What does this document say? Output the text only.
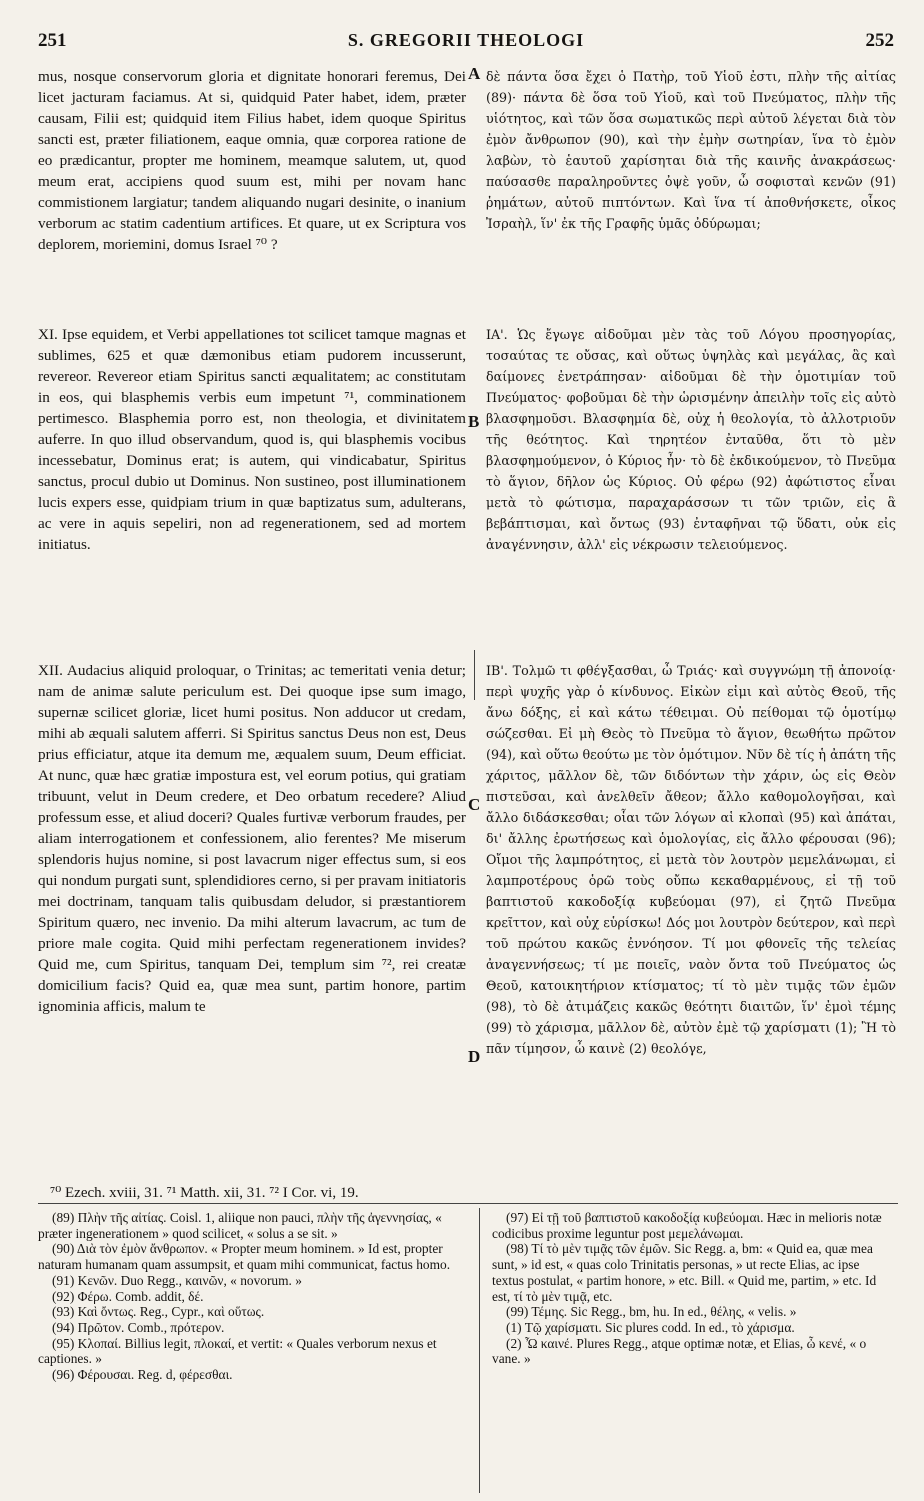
251	S. GREGORII THEOLOGI	252

mus, nosque conservorum gloria et dignitate honorari feremus, Dei licet jacturam faciamus. At si, quidquid Pater habet, idem, præter causam, Filii est; quidquid item Filius habet, idem quoque Spiritus sancti est, præter filiationem, eaque omnia, quæ corporea ratione de eo prædicantur, propter me hominem, meamque salutem, ut, quod meum erat, accipiens quod suum est, mihi per novam hanc commistionem largiatur; tandem aliquando nugari desinite, o inanium verborum ac statim cadentium artifices. Et quare, ut ex Scriptura vos deplorem, moriemini, domus Israel ⁷⁰ ?

XI. Ipse equidem, et Verbi appellationes tot scilicet tamque magnas et sublimes, 625 et quæ dæmonibus etiam pudorem incusserunt, revereor. Revereor etiam Spiritus sancti æqualitatem; ac constitutam in eos, qui blasphemis verbis eum impetunt ⁷¹, comminationem pertimesco. Blasphemia porro est, non theologia, et divinitatem auferre. In quo illud observandum, quod is, qui blasphemis vocibus incessebatur, Dominus erat; is autem, qui vindicabatur, Spiritus sanctus, procul dubio ut Dominus. Non sustineo, post illuminationem lucis expers esse, quidpiam trium in quæ baptizatus sum, adulterans, ac vere in aquis sepeliri, non ad regenerationem, sed ad mortem initiatus.

XII. Audacius aliquid proloquar, o Trinitas; ac temeritati venia detur; nam de animæ salute periculum est. Dei quoque ipse sum imago, supernæ scilicet gloriæ, licet humi positus. Non adducor ut credam, mihi ab æquali salutem afferri. Si Spiritus sanctus Deus non est, Deus prius efficiatur, atque ita demum me, æqualem suum, Deum efficiat. At nunc, quæ hæc gratiæ impostura est, vel eorum potius, qui gratiam tribuunt, velut in Deum credere, et Deo orbatum recedere? Aliud professum esse, et aliud doceri? Quales furtivæ verborum fraudes, per aliam interrogationem et confessionem, alio ferentes? Me miserum splendoris hujus nomine, si post lavacrum niger effectus sum, si eos qui nondum purgati sunt, splendidiores cerno, si per pravam initiatoris mei doctrinam, tanquam talis quibusdam deludor, si præstantiorem Spiritum quæro, nec invenio. Da mihi alterum lavacrum, ac tum de priore male cogita. Quid mihi perfectam regenerationem invides? Quid me, cum Spiritus, tanquam Dei, templum sim ⁷², rei creatæ domicilium facis? Quid ea, quæ mea sunt, partim honore, partim ignominia afficis, malum te

δὲ πάντα ὅσα ἔχει ὁ Πατὴρ, τοῦ Υἱοῦ ἐστι, πλὴν τῆς αἰτίας (89)· πάντα δὲ ὅσα τοῦ Υἱοῦ, καὶ τοῦ Πνεύματος, πλὴν τῆς υἱότητος, καὶ τῶν ὅσα σωματικῶς περὶ αὐτοῦ λέγεται διὰ τὸν ἐμὸν ἄνθρωπον (90), καὶ τὴν ἐμὴν σωτηρίαν, ἵνα τὸ ἐμὸν λαβὼν, τὸ ἑαυτοῦ χαρίσηται διὰ τῆς καινῆς ἀνακράσεως· παύσασθε παραληροῦντες ὀψὲ γοῦν, ὦ σοφισταὶ κενῶν (91) ῥημάτων, αὐτοῦ πιπτόντων. Καὶ ἵνα τί ἀποθνήσκετε, οἶκος Ἰσραὴλ, ἵν' ἐκ τῆς Γραφῆς ὑμᾶς ὀδύρωμαι;

ΙΑ'. Ὡς ἔγωγε αἰδοῦμαι μὲν τὰς τοῦ Λόγου προσηγορίας, τοσαύτας τε οὔσας, καὶ οὕτως ὑψηλὰς καὶ μεγάλας, ἃς καὶ δαίμονες ἐνετράπησαν· αἰδοῦμαι δὲ τὴν ὁμοτιμίαν τοῦ Πνεύματος· φοβοῦμαι δὲ τὴν ὡρισμένην ἀπειλὴν τοῖς εἰς αὐτὸ βλασφημοῦσι. Βλασφημία δὲ, οὐχ ἡ θεολογία, τὸ ἀλλοτριοῦν τῆς θεότητος. Καὶ τηρητέον ἐνταῦθα, ὅτι τὸ μὲν βλασφημούμενον, ὁ Κύριος ἦν· τὸ δὲ ἐκδικούμενον, τὸ Πνεῦμα τὸ ἅγιον, δῆλον ὡς Κύριος. Οὐ φέρω (92) ἀφώτιστος εἶναι μετὰ τὸ φώτισμα, παραχαράσσων τι τῶν τριῶν, εἰς ἃ βεβάπτισμαι, καὶ ὄντως (93) ἐνταφῆναι τῷ ὕδατι, οὐκ εἰς ἀναγέννησιν, ἀλλ' εἰς νέκρωσιν τελειούμενος.

ΙΒ'. Τολμῶ τι φθέγξασθαι, ὦ Τριάς· καὶ συγγνώμη τῇ ἀπονοίᾳ· περὶ ψυχῆς γὰρ ὁ κίνδυνος. Εἰκὼν εἰμι καὶ αὐτὸς Θεοῦ, τῆς ἄνω δόξης, εἰ καὶ κάτω τέθειμαι. Οὐ πείθομαι τῷ ὁμοτίμῳ σώζεσθαι. Εἰ μὴ Θεὸς τὸ Πνεῦμα τὸ ἅγιον, θεωθήτω πρῶτον (94), καὶ οὕτω θεούτω με τὸν ὁμότιμον. Νῦν δὲ τίς ἡ ἀπάτη τῆς χάριτος, μᾶλλον δὲ, τῶν διδόντων τὴν χάριν, ὡς εἰς Θεὸν πιστεῦσαι, καὶ ἀνελθεῖν ἄθεον; ἄλλο καθομολογῆσαι, καὶ ἄλλο διδάσκεσθαι; οἷαι τῶν λόγων αἱ κλοπαὶ (95) καὶ ἀπάται, δι' ἄλλης ἐρωτήσεως καὶ ὁμολογίας, εἰς ἄλλο φέρουσαι (96); Οἴμοι τῆς λαμπρότητος, εἰ μετὰ τὸν λουτρὸν μεμελάνωμαι, εἰ λαμπροτέρους ὁρῶ τοὺς οὔπω κεκαθαρμένους, εἰ τῇ τοῦ βαπτιστοῦ κακοδοξίᾳ κυβεύομαι (97), εἰ ζητῶ Πνεῦμα κρεῖττον, καὶ οὐχ εὑρίσκω! Δός μοι λουτρὸν δεύτερον, καὶ περὶ τοῦ πρώτου κακῶς ἐννόησον. Τί μοι φθονεῖς τῆς τελείας ἀναγεννήσεως; τί με ποιεῖς, ναὸν ὄντα τοῦ Πνεύματος ὡς Θεοῦ, κατοικητήριον κτίσματος; τί τὸ μὲν τιμᾷς τῶν ἐμῶν (98), τὸ δὲ ἀτιμάζεις κακῶς θεότητι διαιτῶν, ἵν' ἐμοὶ τέμης (99) τὸ χάρισμα, μᾶλλον δὲ, αὐτὸν ἐμὲ τῷ χαρίσματι (1); Ἢ τὸ πᾶν τίμησον, ὦ καινὲ (2) θεολόγε,

A
B
C
D
⁷⁰ Ezech. xviii, 31. ⁷¹ Matth. xii, 31. ⁷² I Cor. vi, 19.
(89) Πλὴν τῆς αἰτίας. Coisl. 1, aliique non pauci, πλὴν τῆς ἀγεννησίας, « præter ingenerationem » quod scilicet, « solus a se sit. »
(90) Διὰ τὸν ἐμὸν ἄνθρωπον. « Propter meum hominem. » Id est, propter naturam humanam quam assumpsit, et quam mihi communicat, factus homo.
(91) Κενῶν. Duo Regg., καινῶν, « novorum. »
(92) Φέρω. Comb. addit, δέ.
(93) Καὶ ὄντως. Reg., Cypr., καὶ οὕτως.
(94) Πρῶτον. Comb., πρότερον.
(95) Κλοπαί. Billius legit, πλοκαί, et vertit: « Quales verborum nexus et captiones. »
(96) Φέρουσαι. Reg. d, φέρεσθαι.
(97) Εἰ τῇ τοῦ βαπτιστοῦ κακοδοξίᾳ κυβεύομαι. Hæc in melioris notæ codicibus proxime leguntur post μεμελάνωμαι.
(98) Τί τὸ μὲν τιμᾷς τῶν ἐμῶν. Sic Regg. a, bm: « Quid ea, quæ mea sunt, » id est, « quas colo Trinitatis personas, » ut recte Elias, ac ipse textus postulat, « partim honore, » etc. Bill. « Quid me, partim, » etc. Id est, τί τὸ μὲν τιμᾷ, etc.
(99) Τέμης. Sic Regg., bm, hu. In ed., θέλης, « velis. »
(1) Τῷ χαρίσματι. Sic plures codd. In ed., τὸ χάρισμα.
(2) Ὦ καινέ. Plures Regg., atque optimæ notæ, et Elias, ὦ κενέ, « o vane. »
